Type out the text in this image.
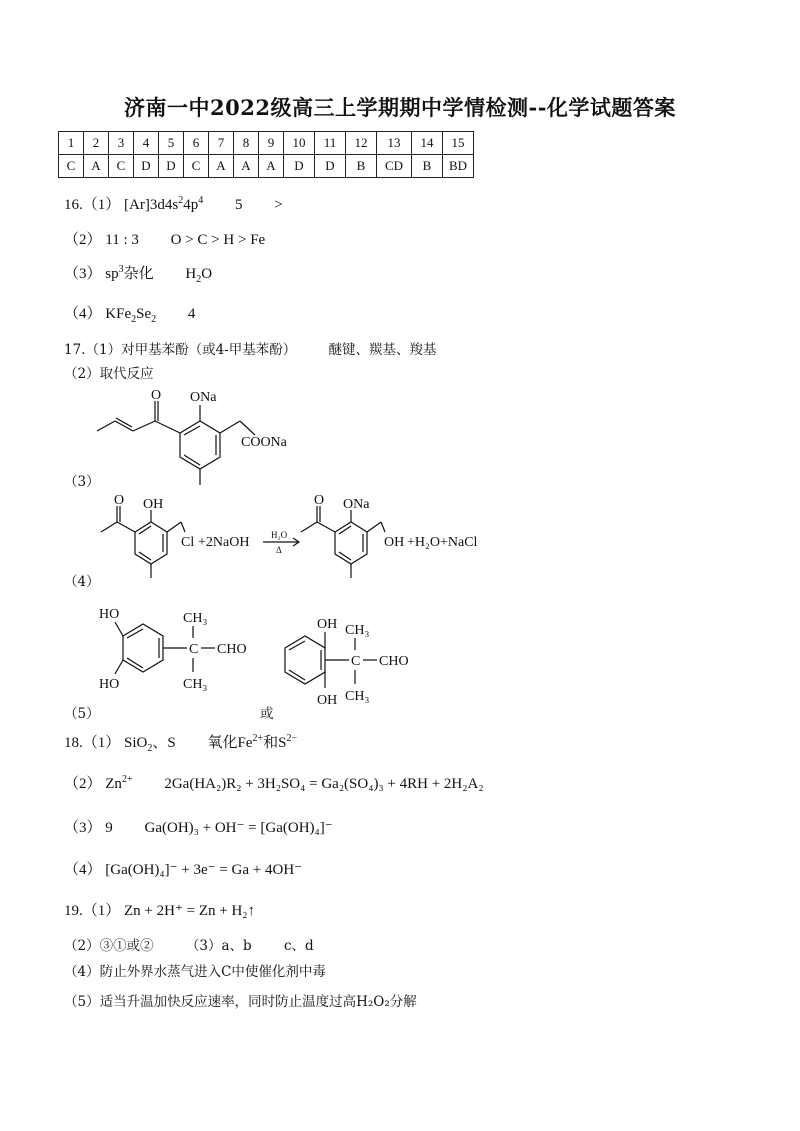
济南一中2022级高三上学期期中学情检测--化学试题答案
1	2	3	4	5	6	7	8	9	10	11	12	13	14	15
C	A	C	D	D	C	A	A	A	D	D	B	CD	B	BD
16.（1） $[Ar]3d4s^24p^4$ 5 >
（2） 11 : 3 O > C > H > Fe
（3） $sp^3$杂化 $H_2O$
（4） $KFe_2Se_2$ 4
17.（1）对甲基苯酚（或4-甲基苯酚） 醚键、羰基、羧基
（2）取代反应
（3）
（4）
（5）
O ONa
COONa
O OH
Cl +2NaOH H₂O
Δ
O ONa
OH +H₂O+NaCl
HO
HO
C
CH₃
CH₃
CHO
或
OH
OH
C
CH₃
CH₃
CHO
18.（1） SiO$_2$、S 氧化$Fe^{2+}$和$S^{2-}$
（2） $Zn^{2+}$ 2Ga(HA₂)R₂ + 3H₂SO₄ = Ga₂(SO₄)₃ + 4RH + 2H₂A₂
（3） 9 Ga(OH)₃ + OH⁻ = [Ga(OH)₄]⁻
（4） [Ga(OH)₄]⁻ + 3e⁻ = Ga + 4OH⁻
19.（1） Zn + 2H⁺ = Zn + H₂↑
（2）③①或② （3）a、b c、d
（4）防止外界水蒸气进入C中使催化剂中毒
（5）适当升温加快反应速率，同时防止温度过高H₂O₂分解
